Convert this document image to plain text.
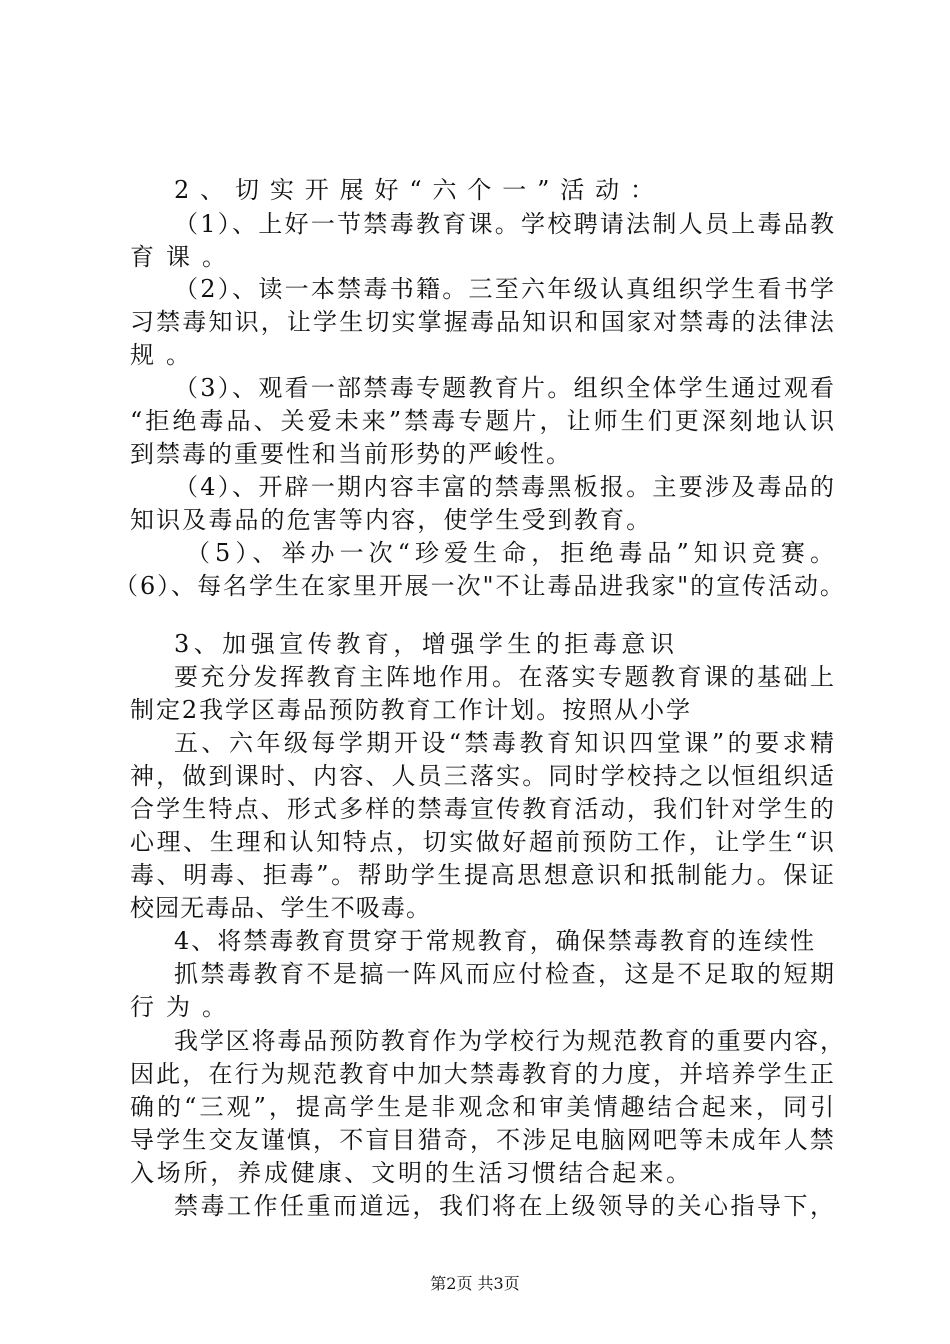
2、切实开展好“六个一”活动：
（1）、上好一节禁毒教育课。学校聘请法制人员上毒品教
育课。
（2）、读一本禁毒书籍。三至六年级认真组织学生看书学
习禁毒知识，让学生切实掌握毒品知识和国家对禁毒的法律法
规。
（3）、观看一部禁毒专题教育片。组织全体学生通过观看
“拒绝毒品、关爱未来”禁毒专题片，让师生们更深刻地认识
到禁毒的重要性和当前形势的严峻性。
（4）、开辟一期内容丰富的禁毒黑板报。主要涉及毒品的
知识及毒品的危害等内容，使学生受到教育。
（5）、举办一次“珍爱生命，拒绝毒品”知识竞赛。
（6）、每名学生在家里开展一次"不让毒品进我家"的宣传活动。
3、加强宣传教育，增强学生的拒毒意识
要充分发挥教育主阵地作用。在落实专题教育课的基础上
制定2我学区毒品预防教育工作计划。按照从小学
五、六年级每学期开设“禁毒教育知识四堂课”的要求精
神，做到课时、内容、人员三落实。同时学校持之以恒组织适
合学生特点、形式多样的禁毒宣传教育活动，我们针对学生的
心理、生理和认知特点，切实做好超前预防工作，让学生“识
毒、明毒、拒毒”。帮助学生提高思想意识和抵制能力。保证
校园无毒品、学生不吸毒。
4、将禁毒教育贯穿于常规教育，确保禁毒教育的连续性
抓禁毒教育不是搞一阵风而应付检查，这是不足取的短期
行为。
我学区将毒品预防教育作为学校行为规范教育的重要内容，
因此，在行为规范教育中加大禁毒教育的力度，并培养学生正
确的“三观”，提高学生是非观念和审美情趣结合起来，同引
导学生交友谨慎，不盲目猎奇，不涉足电脑网吧等未成年人禁
入场所，养成健康、文明的生活习惯结合起来。
禁毒工作任重而道远，我们将在上级领导的关心指导下，
第2页 共3页
